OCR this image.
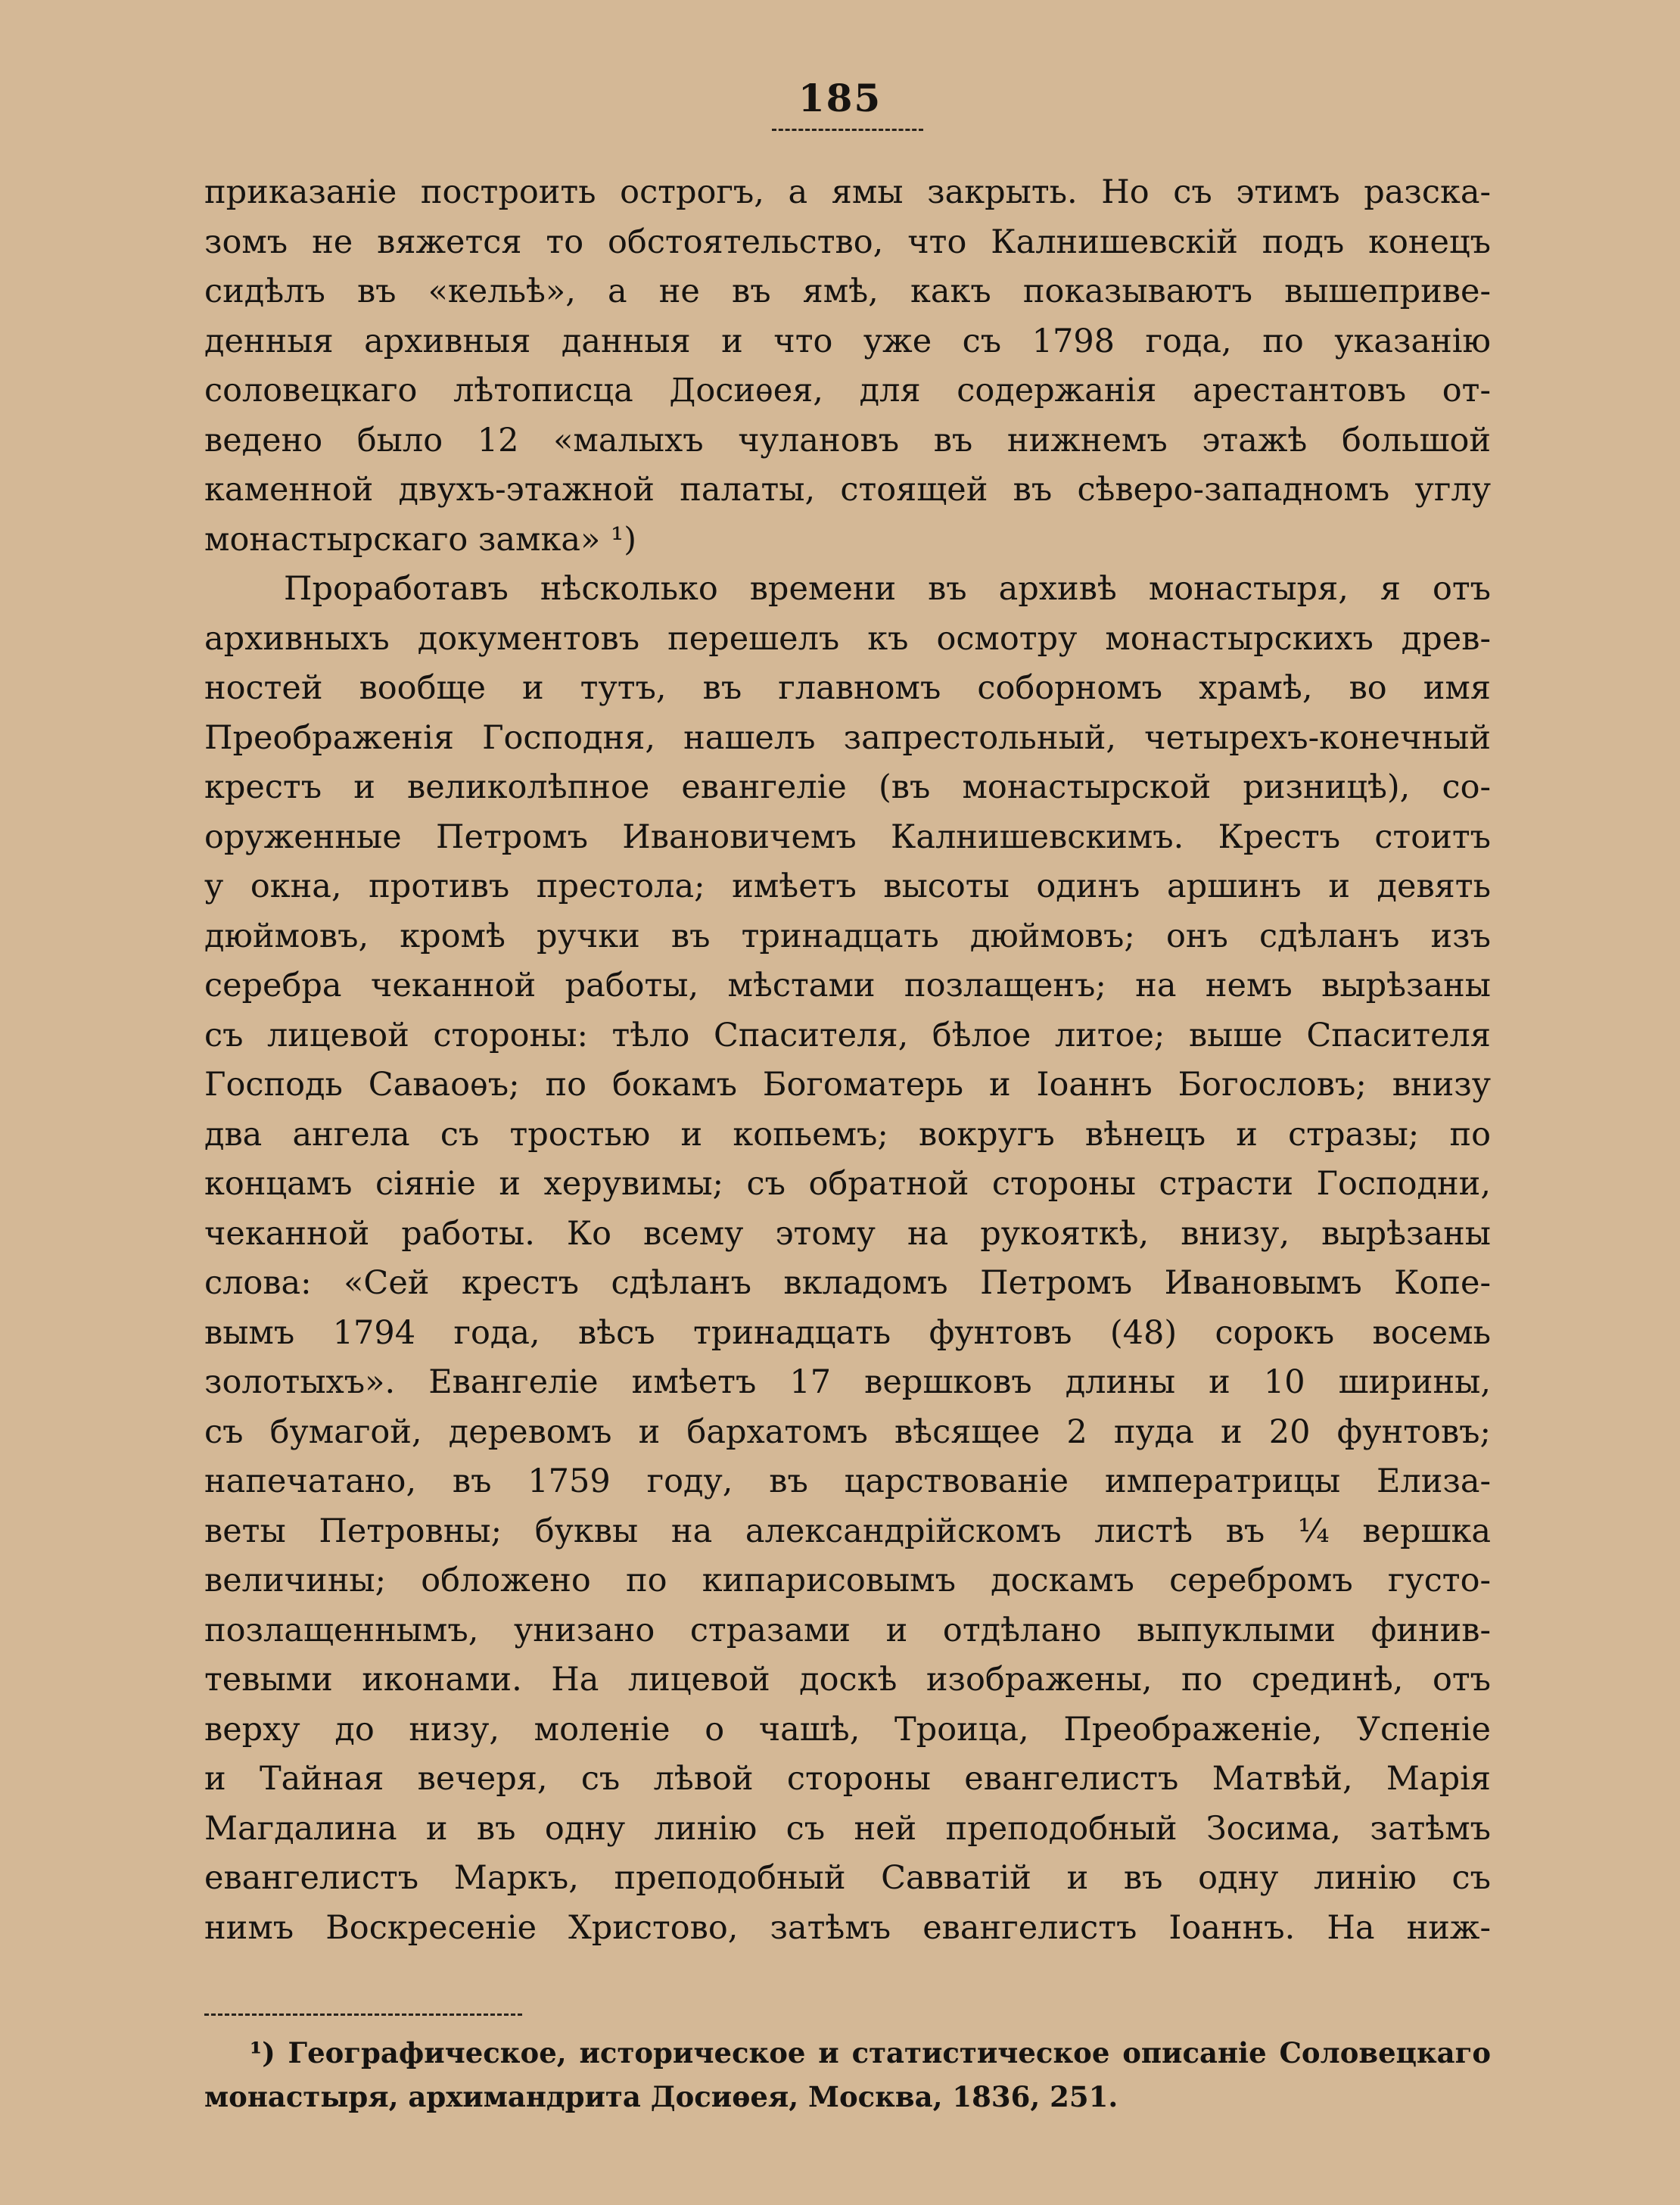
185
приказаніе построить острогъ, а ямы закрыть. Но съ этимъ разска-
зомъ не вяжется то обстоятельство, что Калнишевскій подъ конецъ
сидѣлъ въ «кельѣ», а не въ ямѣ, какъ показываютъ вышеприве-
денныя архивныя данныя и что уже съ 1798 года, по указанію
соловецкаго лѣтописца Досиѳея, для содержанія арестантовъ от-
ведено было 12 «малыхъ чулановъ въ нижнемъ этажѣ большой
каменной двухъ-этажной палаты, стоящей въ сѣверо-западномъ углу
монастырскаго замка» ¹)
Проработавъ нѣсколько времени въ архивѣ монастыря, я отъ
архивныхъ документовъ перешелъ къ осмотру монастырскихъ древ-
ностей вообще и тутъ, въ главномъ соборномъ храмѣ, во имя
Преображенія Господня, нашелъ запрестольный, четырехъ-конечный
крестъ и великолѣпное евангеліе (въ монастырской ризницѣ), со-
оруженные Петромъ Ивановичемъ Калнишевскимъ. Крестъ стоитъ
у окна, противъ престола; имѣетъ высоты одинъ аршинъ и девять
дюймовъ, кромѣ ручки въ тринадцать дюймовъ; онъ сдѣланъ изъ
серебра чеканной работы, мѣстами позлащенъ; на немъ вырѣзаны
съ лицевой стороны: тѣло Спасителя, бѣлое литое; выше Спасителя
Господь Саваоѳъ; по бокамъ Богоматерь и Іоаннъ Богословъ; внизу
два ангела съ тростью и копьемъ; вокругъ вѣнецъ и стразы; по
концамъ сіяніе и херувимы; съ обратной стороны страсти Господни,
чеканной работы. Ко всему этому на рукояткѣ, внизу, вырѣзаны
слова: «Сей крестъ сдѣланъ вкладомъ Петромъ Ивановымъ Копе-
вымъ 1794 года, вѣсъ тринадцать фунтовъ (48) сорокъ восемь
золотыхъ». Евангеліе имѣетъ 17 вершковъ длины и 10 ширины,
съ бумагой, деревомъ и бархатомъ вѣсящее 2 пуда и 20 фунтовъ;
напечатано, въ 1759 году, въ царствованіе императрицы Елиза-
веты Петровны; буквы на александрійскомъ листѣ въ ¼ вершка
величины; обложено по кипарисовымъ доскамъ серебромъ густо-
позлащеннымъ, унизано стразами и отдѣлано выпуклыми финив-
тевыми иконами. На лицевой доскѣ изображены, по срединѣ, отъ
верху до низу, моленіе о чашѣ, Троица, Преображеніе, Успеніе
и Тайная вечеря, съ лѣвой стороны евангелистъ Матвѣй, Марія
Магдалина и въ одну линію съ ней преподобный Зосима, затѣмъ
евангелистъ Маркъ, преподобный Савватій и въ одну линію съ
нимъ Воскресеніе Христово, затѣмъ евангелистъ Іоаннъ. На ниж-
¹) Географическое, историческое и статистическое описаніе Соловецкаго
монастыря, архимандрита Досиѳея, Москва, 1836, 251.
